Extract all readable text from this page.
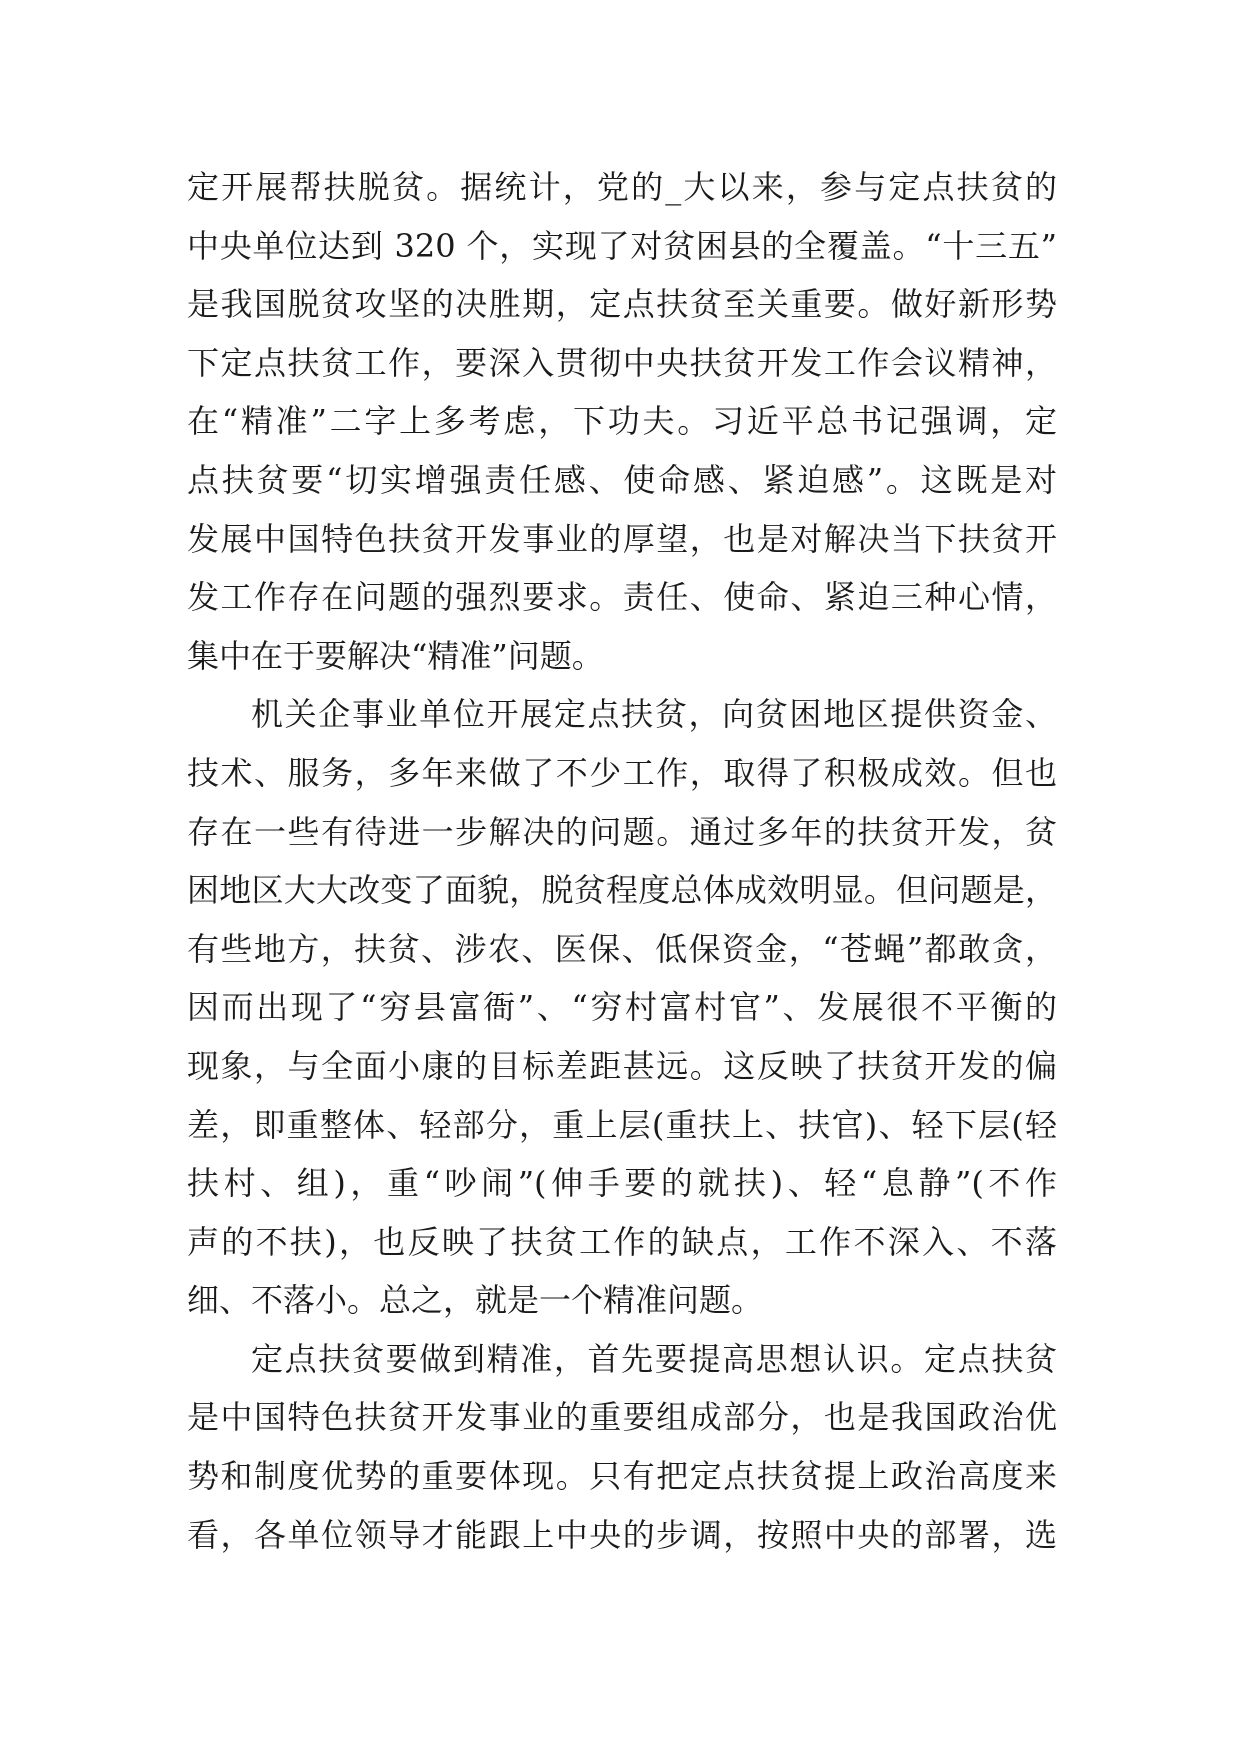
定开展帮扶脱贫。据统计，党的_大以来，参与定点扶贫的
中央单位达到 320 个，实现了对贫困县的全覆盖。“十三五”
是我国脱贫攻坚的决胜期，定点扶贫至关重要。做好新形势
下定点扶贫工作，要深入贯彻中央扶贫开发工作会议精神，
在“精准”二字上多考虑，下功夫。习近平总书记强调，定
点扶贫要“切实增强责任感、使命感、紧迫感”。这既是对
发展中国特色扶贫开发事业的厚望，也是对解决当下扶贫开
发工作存在问题的强烈要求。责任、使命、紧迫三种心情，
集中在于要解决“精准”问题。
机关企事业单位开展定点扶贫，向贫困地区提供资金、
技术、服务，多年来做了不少工作，取得了积极成效。但也
存在一些有待进一步解决的问题。通过多年的扶贫开发，贫
困地区大大改变了面貌，脱贫程度总体成效明显。但问题是，
有些地方，扶贫、涉农、医保、低保资金，“苍蝇”都敢贪，
因而出现了“穷县富衙”、“穷村富村官”、发展很不平衡的
现象，与全面小康的目标差距甚远。这反映了扶贫开发的偏
差，即重整体、轻部分，重上层(重扶上、扶官)、轻下层(轻
扶村、组)，重“吵闹”(伸手要的就扶)、轻“息静”(不作
声的不扶)，也反映了扶贫工作的缺点，工作不深入、不落
细、不落小。总之，就是一个精准问题。
定点扶贫要做到精准，首先要提高思想认识。定点扶贫
是中国特色扶贫开发事业的重要组成部分，也是我国政治优
势和制度优势的重要体现。只有把定点扶贫提上政治高度来
看，各单位领导才能跟上中央的步调，按照中央的部署，选
